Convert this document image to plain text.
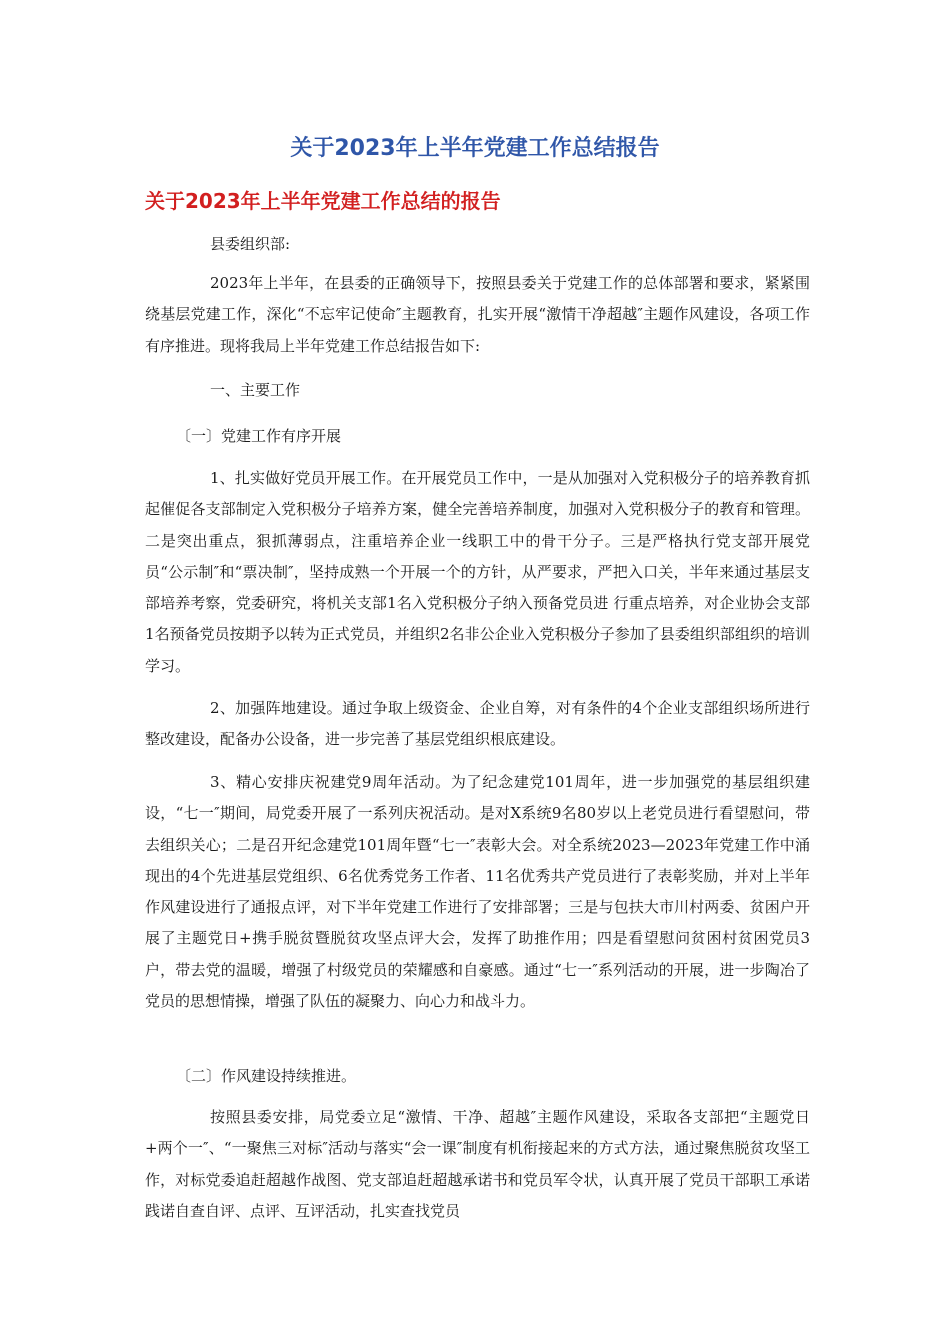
关于2023年上半年党建工作总结报告
关于2023年上半年党建工作总结的报告

县委组织部:

2023年上半年，在县委的正确领导下，按照县委关于党建工作的总体部署和要求，紧紧围绕基层党建工作，深化“不忘牢记使命″主题教育，扎实开展“激情干净超越″主题作风建设，各项工作有序推进。现将我局上半年党建工作总结报告如下:

一、主要工作

〔一〕党建工作有序开展

1、扎实做好党员开展工作。在开展党员工作中，一是从加强对入党积极分子的培养教育抓起催促各支部制定入党积极分子培养方案，健全完善培养制度，加强对入党积极分子的教育和管理。二是突出重点，狠抓薄弱点，注重培养企业一线职工中的骨干分子。三是严格执行党支部开展党员“公示制″和“票决制″，坚持成熟一个开展一个的方针，从严要求，严把入口关，半年来通过基层支部培养考察，党委研究，将机关支部1名入党积极分子纳入预备党员进 行重点培养，对企业协会支部1名预备党员按期予以转为正式党员，并组织2名非公企业入党积极分子参加了县委组织部组织的培训学习。

2、加强阵地建设。通过争取上级资金、企业自筹，对有条件的4个企业支部组织场所进行整改建设，配备办公设备，进一步完善了基层党组织根底建设。

3、精心安排庆祝建党9周年活动。为了纪念建党101周年，进一步加强党的基层组织建设，“七一″期间，局党委开展了一系列庆祝活动。是对X系统9名80岁以上老党员进行看望慰问，带去组织关心；二是召开纪念建党101周年暨“七一″表彰大会。对全系统2023—2023年党建工作中涌现出的4个先进基层党组织、6名优秀党务工作者、11名优秀共产党员进行了表彰奖励，并对上半年作风建设进行了通报点评，对下半年党建工作进行了安排部署；三是与包扶大市川村两委、贫困户开展了主题党日+携手脱贫暨脱贫攻坚点评大会，发挥了助推作用；四是看望慰问贫困村贫困党员3户，带去党的温暖，增强了村级党员的荣耀感和自豪感。通过“七一″系列活动的开展，进一步陶冶了党员的思想情操，增强了队伍的凝聚力、向心力和战斗力。

〔二〕作风建设持续推进。

按照县委安排，局党委立足“激情、干净、超越″主题作风建设，采取各支部把“主题党日+两个一″、“一聚焦三对标″活动与落实“会一课″制度有机衔接起来的方式方法，通过聚焦脱贫攻坚工作，对标党委追赶超越作战图、党支部追赶超越承诺书和党员军令状，认真开展了党员干部职工承诺践诺自查自评、点评、互评活动，扎实查找党员
